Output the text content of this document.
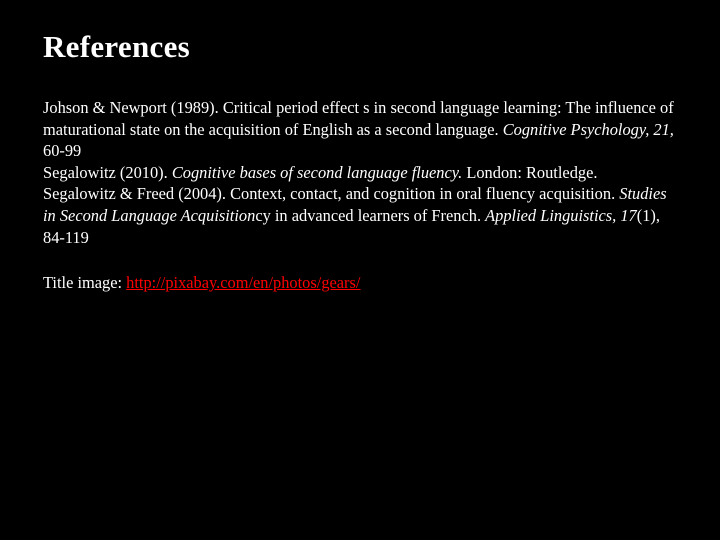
References

Johson & Newport (1989). Critical period effect s in second language learning: The influence of maturational state on the acquisition of English as a second language. Cognitive Psychology, 21, 60-99

Segalowitz (2010). Cognitive bases of second language fluency. London: Routledge.

Segalowitz & Freed (2004). Context, contact, and cognition in oral fluency acquisition. Studies in Second Language Acquisitioncy in advanced learners of French. Applied Linguistics, 17(1), 84-119

Title image: http://pixabay.com/en/photos/gears/
